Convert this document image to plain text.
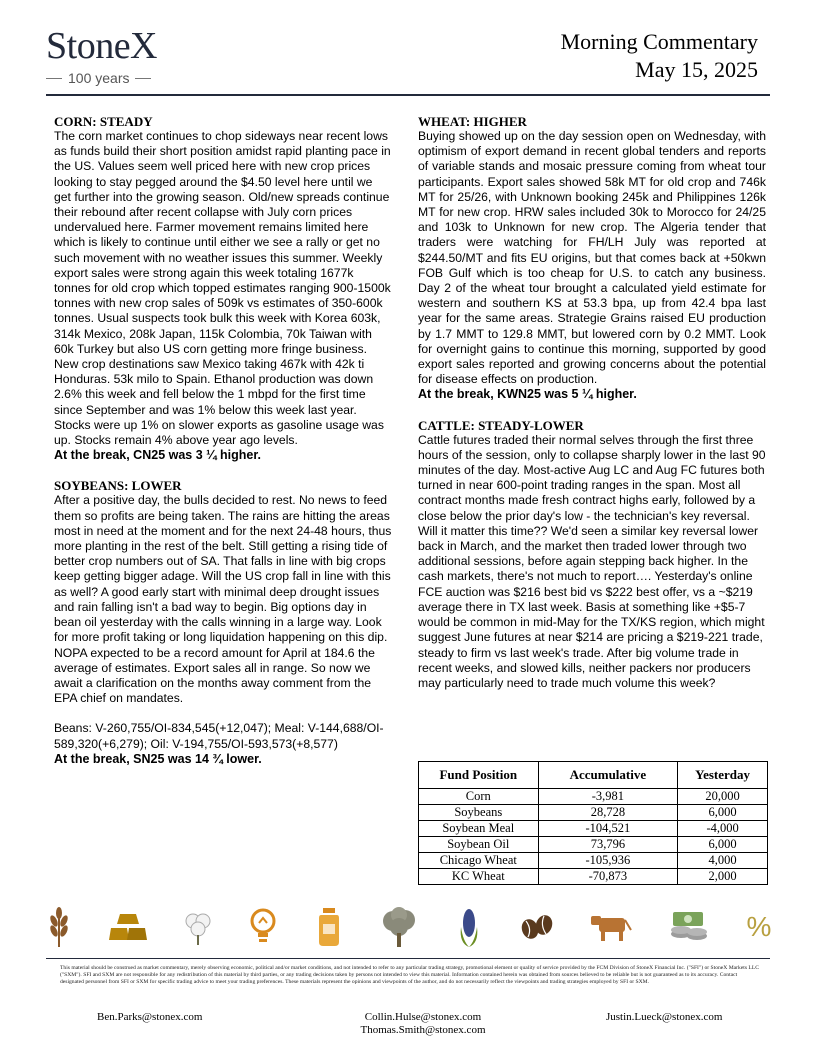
StoneX
100 years
Morning Commentary
May 15, 2025
CORN: STEADY

The corn market continues to chop sideways near recent lows as funds build their short position amidst rapid planting pace in the US. Values seem well priced here with new crop prices looking to stay pegged around the $4.50 level here until we get further into the growing season. Old/new spreads continue their rebound after recent collapse with July corn prices undervalued here. Farmer movement remains limited here which is likely to continue until either we see a rally or get no such movement with no weather issues this summer. Weekly export sales were strong again this week totaling 1677k tonnes for old crop which topped estimates ranging 900-1500k tonnes with new crop sales of 509k vs estimates of 350-600k tonnes. Usual suspects took bulk this week with Korea 603k, 314k Mexico, 208k Japan, 115k Colombia, 70k Taiwan with 60k Turkey but also US corn getting more fringe business. New crop destinations saw Mexico taking 467k with 42k ti Honduras. 53k milo to Spain. Ethanol production was down 2.6% this week and fell below the 1 mbpd for the first time since September and was 1% below this week last year. Stocks were up 1% on slower exports as gasoline usage was up. Stocks remain 4% above year ago levels.

At the break, CN25 was 3 ¼ higher.

SOYBEANS: LOWER

After a positive day, the bulls decided to rest. No news to feed them so profits are being taken. The rains are hitting the areas most in need at the moment and for the next 24-48 hours, thus more planting in the rest of the belt. Still getting a rising tide of better crop numbers out of SA. That falls in line with big crops keep getting bigger adage. Will the US crop fall in line with this as well? A good early start with minimal deep drought issues and rain falling isn't a bad way to begin. Big options day in bean oil yesterday with the calls winning in a large way. Look for more profit taking or long liquidation happening on this dip. NOPA expected to be a record amount for April at 184.6 the average of estimates. Export sales all in range. So now we await a clarification on the months away comment from the EPA chief on mandates.

Beans: V-260,755/OI-834,545(+12,047); Meal: V-144,688/OI-589,320(+6,279); Oil: V-194,755/OI-593,573(+8,577)

At the break, SN25 was 14 ¾ lower.

WHEAT: HIGHER

Buying showed up on the day session open on Wednesday, with optimism of export demand in recent global tenders and reports of variable stands and mosaic pressure coming from wheat tour participants. Export sales showed 58k MT for old crop and 746k MT for 25/26, with Unknown booking 245k and Philippines 126k MT for new crop. HRW sales included 30k to Morocco for 24/25 and 103k to Unknown for new crop. The Algeria tender that traders were watching for FH/LH July was reported at $244.50/MT and fits EU origins, but that comes back at +50kwn FOB Gulf which is too cheap for U.S. to catch any business. Day 2 of the wheat tour brought a calculated yield estimate for western and southern KS at 53.3 bpa, up from 42.4 bpa last year for the same areas. Strategie Grains raised EU production by 1.7 MMT to 129.8 MMT, but lowered corn by 0.2 MMT. Look for overnight gains to continue this morning, supported by good export sales reported and growing concerns about the potential for disease effects on production.

At the break, KWN25 was 5 ¼ higher.

CATTLE: STEADY-LOWER

Cattle futures traded their normal selves through the first three hours of the session, only to collapse sharply lower in the last 90 minutes of the day. Most-active Aug LC and Aug FC futures both turned in near 600-point trading ranges in the span. Most all contract months made fresh contract highs early, followed by a close below the prior day's low - the technician's key reversal. Will it matter this time?? We'd seen a similar key reversal lower back in March, and the market then traded lower through two additional sessions, before again stepping back higher. In the cash markets, there's not much to report…. Yesterday's online FCE auction was $216 best bid vs $222 best offer, vs a ~$219 average there in TX last week. Basis at something like +$5-7 would be common in mid-May for the TX/KS region, which might suggest June futures at near $214 are pricing a $219-221 trade, steady to firm vs last week's trade. After big volume trade in recent weeks, and slowed kills, neither packers nor producers may particularly need to trade much volume this week?

Fund Position	Accumulative	Yesterday
Corn	-3,981	20,000
Soybeans	28,728	6,000
Soybean Meal	-104,521	-4,000
Soybean Oil	73,796	6,000
Chicago Wheat	-105,936	4,000
KC Wheat	-70,873	2,000
%
This material should be construed as market commentary, merely observing economic, political and/or market conditions, and not intended to refer to any particular trading strategy, promotional element or quality of service provided by the FCM Division of StoneX Financial Inc. ("SFI") or StoneX Markets LLC ("SXM"). SFI and SXM are not responsible for any redistribution of this material by third parties, or any trading decisions taken by persons not intended to view this material. Information contained herein was obtained from sources believed to be reliable but is not guaranteed as to its accuracy. Contact designated personnel from SFI or SXM for specific trading advice to meet your trading preferences. These materials represent the opinions and viewpoints of the author, and do not necessarily reflect the viewpoints and trading strategies employed by SFI or SXM.
Ben.Parks@stonex.com	Collin.Hulse@stonex.com
Thomas.Smith@stonex.com
Justin.Lueck@stonex.com
